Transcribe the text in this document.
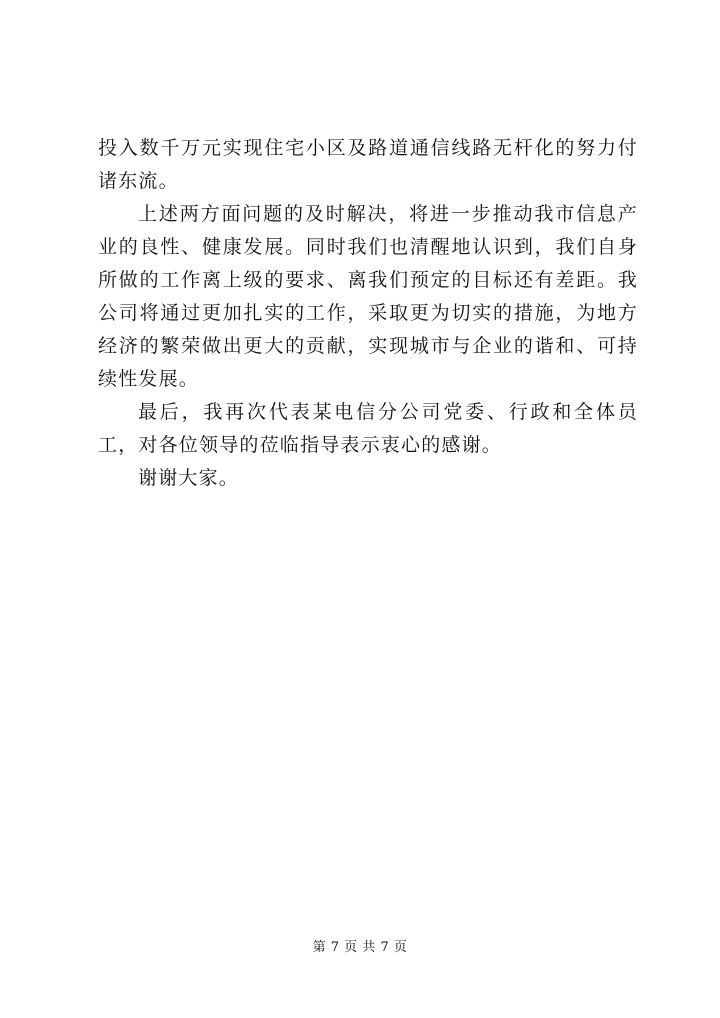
投入数千万元实现住宅小区及路道通信线路无杆化的努力付诸东流。

上述两方面问题的及时解决，将进一步推动我市信息产业的良性、健康发展。同时我们也清醒地认识到，我们自身所做的工作离上级的要求、离我们预定的目标还有差距。我公司将通过更加扎实的工作，采取更为切实的措施，为地方经济的繁荣做出更大的贡献，实现城市与企业的谐和、可持续性发展。

最后，我再次代表某电信分公司党委、行政和全体员工，对各位领导的莅临指导表示衷心的感谢。

谢谢大家。

第 7 页 共 7 页
